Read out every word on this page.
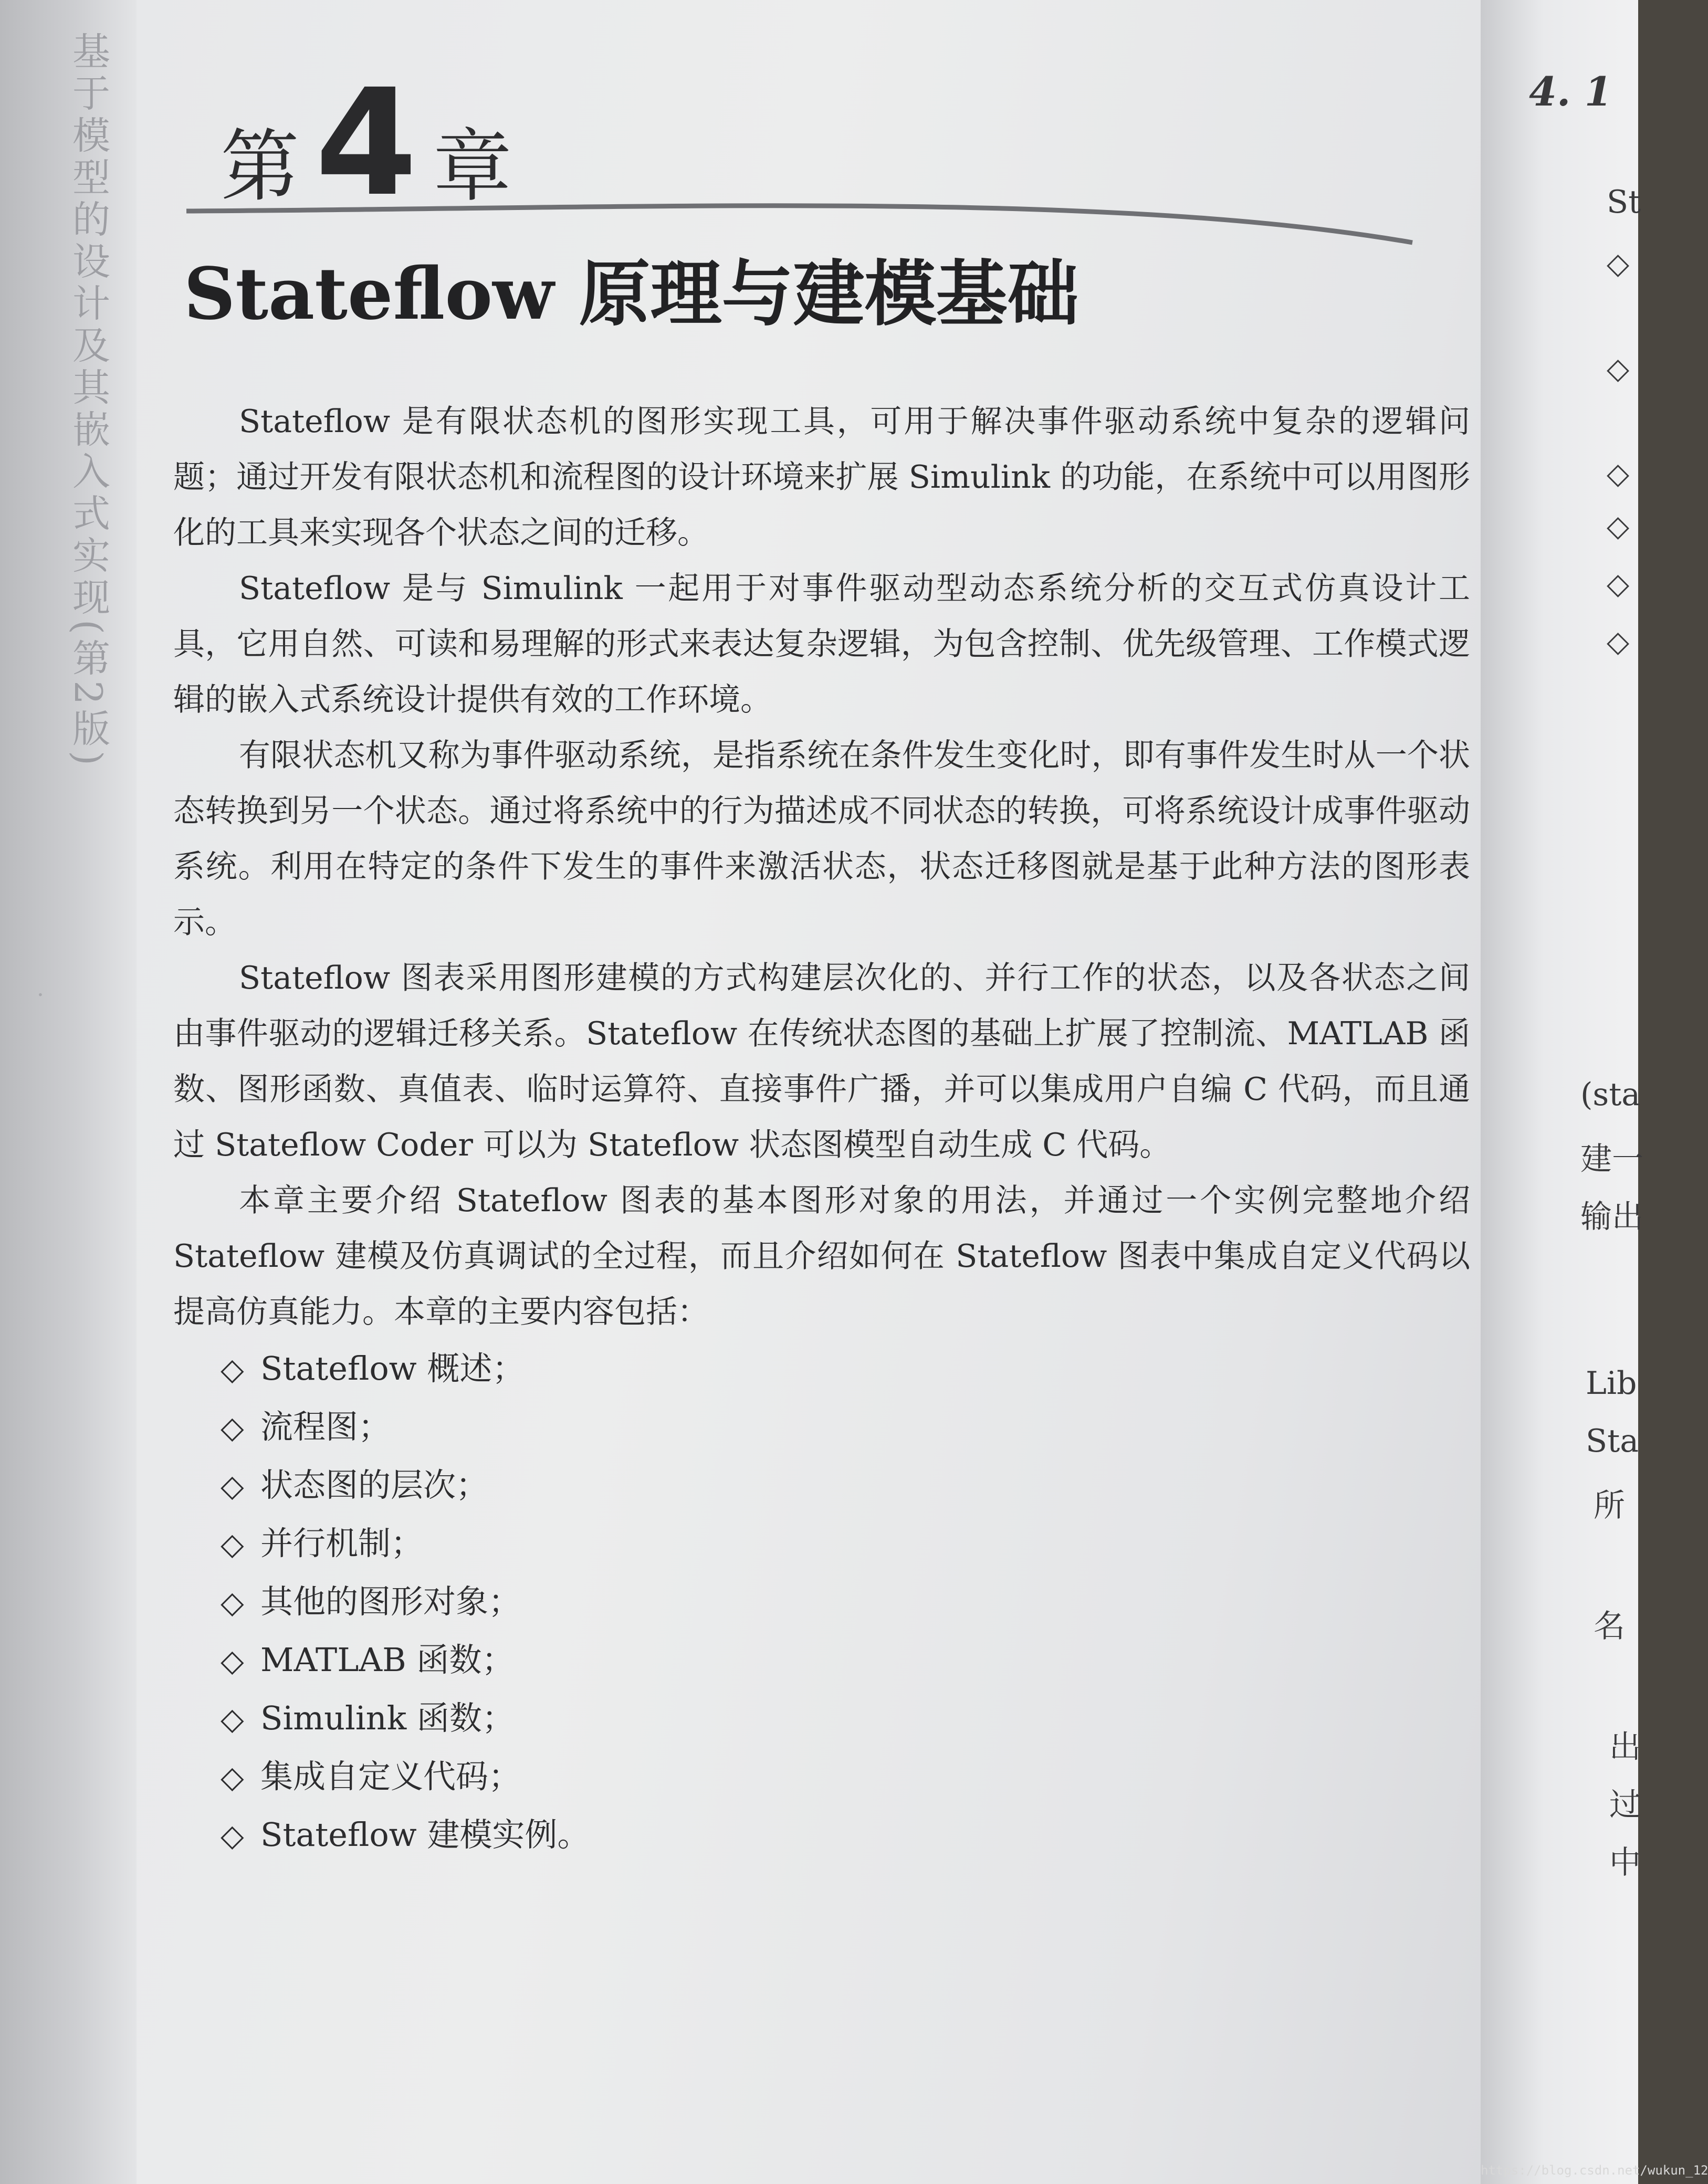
基于模型的设计及其嵌入式实现(第2版)
·
第 4 章
Stateflow 原理与建模基础

Stateflow 是有限状态机的图形实现工具，可用于解决事件驱动系统中复杂的逻辑问题；通过开发有限状态机和流程图的设计环境来扩展 Simulink 的功能，在系统中可以用图形化的工具来实现各个状态之间的迁移。

Stateflow 是与 Simulink 一起用于对事件驱动型动态系统分析的交互式仿真设计工具，它用自然、可读和易理解的形式来表达复杂逻辑，为包含控制、优先级管理、工作模式逻辑的嵌入式系统设计提供有效的工作环境。

有限状态机又称为事件驱动系统，是指系统在条件发生变化时，即有事件发生时从一个状态转换到另一个状态。通过将系统中的行为描述成不同状态的转换，可将系统设计成事件驱动系统。利用在特定的条件下发生的事件来激活状态，状态迁移图就是基于此种方法的图形表示。

Stateflow 图表采用图形建模的方式构建层次化的、并行工作的状态，以及各状态之间由事件驱动的逻辑迁移关系。Stateflow 在传统状态图的基础上扩展了控制流、MATLAB 函数、图形函数、真值表、临时运算符、直接事件广播，并可以集成用户自编 C 代码，而且通过 Stateflow Coder 可以为 Stateflow 状态图模型自动生成 C 代码。

本章主要介绍 Stateflow 图表的基本图形对象的用法，并通过一个实例完整地介绍 Stateflow 建模及仿真调试的全过程，而且介绍如何在 Stateflow 图表中集成自定义代码以提高仿真能力。本章的主要内容包括：

◇ Stateflow 概述；
◇ 流程图；
◇ 状态图的层次；
◇ 并行机制；
◇ 其他的图形对象；
◇ MATLAB 函数；
◇ Simulink 函数；
◇ 集成自定义代码；
◇ Stateflow 建模实例。
4. 1
St
◇
◇
◇
◇
◇
◇
(sta
建一
输出
Lib
Sta
所
名
出
过
中
https://blog.csdn.net/wukun_12
